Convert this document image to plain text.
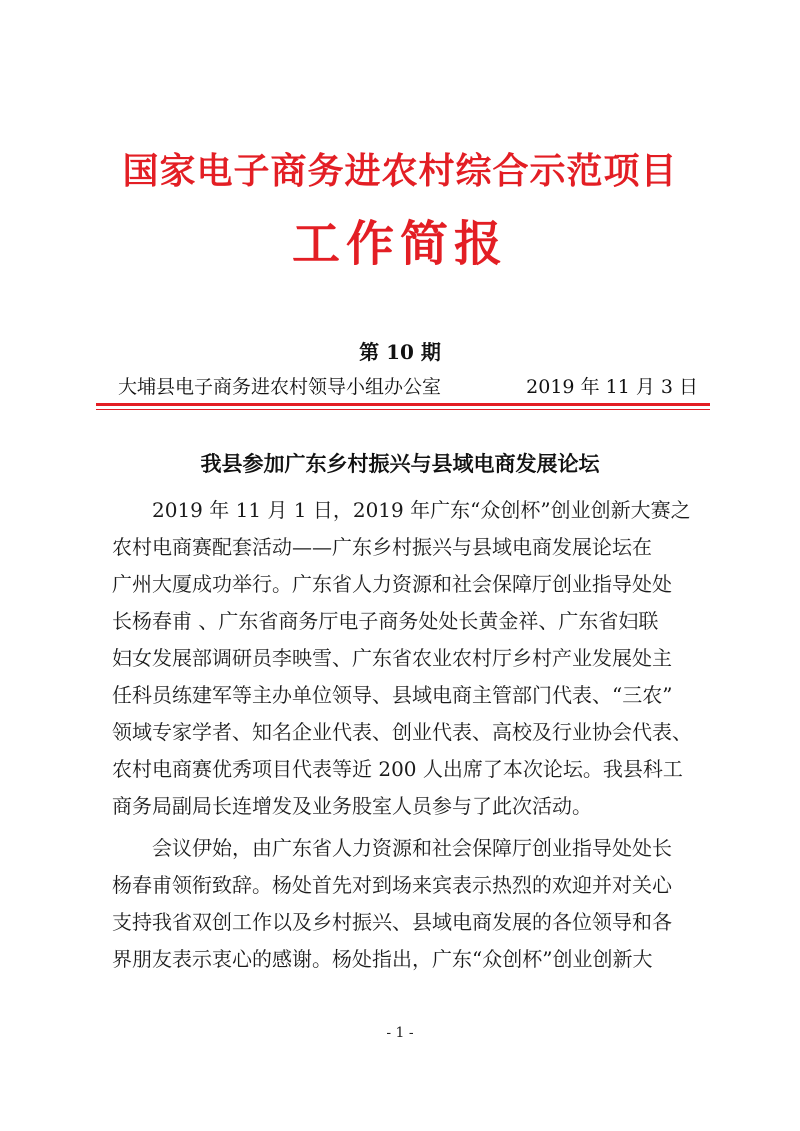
国家电子商务进农村综合示范项目
工作简报
第 10 期
大埔县电子商务进农村领导小组办公室	2019 年 11 月 3 日
我县参加广东乡村振兴与县域电商发展论坛
2019 年 11 月 1 日，2019 年广东“众创杯”创业创新大赛之
农村电商赛配套活动——广东乡村振兴与县域电商发展论坛在
广州大厦成功举行。广东省人力资源和社会保障厅创业指导处处
长杨春甫 、广东省商务厅电子商务处处长黄金祥、广东省妇联
妇女发展部调研员李映雪、广东省农业农村厅乡村产业发展处主
任科员练建军等主办单位领导、县域电商主管部门代表、“三农”
领域专家学者、知名企业代表、创业代表、高校及行业协会代表、
农村电商赛优秀项目代表等近 200 人出席了本次论坛。我县科工
商务局副局长连增发及业务股室人员参与了此次活动。
会议伊始，由广东省人力资源和社会保障厅创业指导处处长
杨春甫领衔致辞。杨处首先对到场来宾表示热烈的欢迎并对关心
支持我省双创工作以及乡村振兴、县域电商发展的各位领导和各
界朋友表示衷心的感谢。杨处指出，广东“众创杯”创业创新大
- 1 -
